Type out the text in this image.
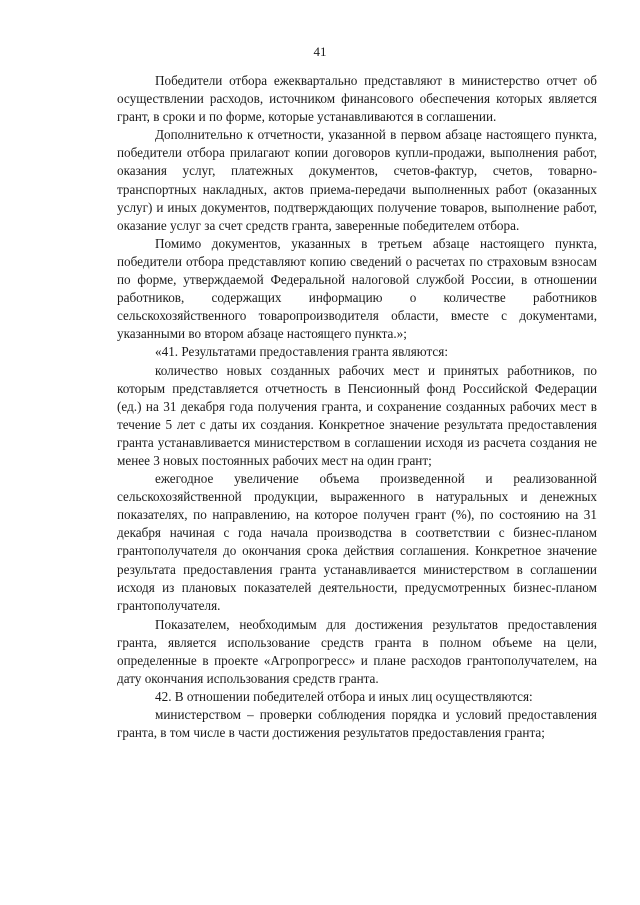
41

Победители отбора ежеквартально представляют в министерство отчет об осуществлении расходов, источником финансового обеспечения которых является грант, в сроки и по форме, которые устанавливаются в соглашении.

Дополнительно к отчетности, указанной в первом абзаце настоящего пункта, победители отбора прилагают копии договоров купли-продажи, выполнения работ, оказания услуг, платежных документов, счетов-фактур, счетов, товарно-транспортных накладных, актов приема-передачи выполненных работ (оказанных услуг) и иных документов, подтверждающих получение товаров, выполнение работ, оказание услуг за счет средств гранта, заверенные победителем отбора.

Помимо документов, указанных в третьем абзаце настоящего пункта, победители отбора представляют копию сведений о расчетах по страховым взносам по форме, утверждаемой Федеральной налоговой службой России, в отношении работников, содержащих информацию о количестве работников сельскохозяйственного товаропроизводителя области, вместе с документами, указанными во втором абзаце настоящего пункта.»;

«41. Результатами предоставления гранта являются:

количество новых созданных рабочих мест и принятых работников, по которым представляется отчетность в Пенсионный фонд Российской Федерации (ед.) на 31 декабря года получения гранта, и сохранение созданных рабочих мест в течение 5 лет с даты их создания. Конкретное значение результата предоставления гранта устанавливается министерством в соглашении исходя из расчета создания не менее 3 новых постоянных рабочих мест на один грант;

ежегодное увеличение объема произведенной и реализованной сельскохозяйственной продукции, выраженного в натуральных и денежных показателях, по направлению, на которое получен грант (%), по состоянию на 31 декабря начиная с года начала производства в соответствии с бизнес-планом грантополучателя до окончания срока действия соглашения. Конкретное значение результата предоставления гранта устанавливается министерством в соглашении исходя из плановых показателей деятельности, предусмотренных бизнес-планом грантополучателя.

Показателем, необходимым для достижения результатов предоставления гранта, является использование средств гранта в полном объеме на цели, определенные в проекте «Агропрогресс» и плане расходов грантополучателем, на дату окончания использования средств гранта.

42. В отношении победителей отбора и иных лиц осуществляются:

министерством – проверки соблюдения порядка и условий предоставления гранта, в том числе в части достижения результатов предоставления гранта;
